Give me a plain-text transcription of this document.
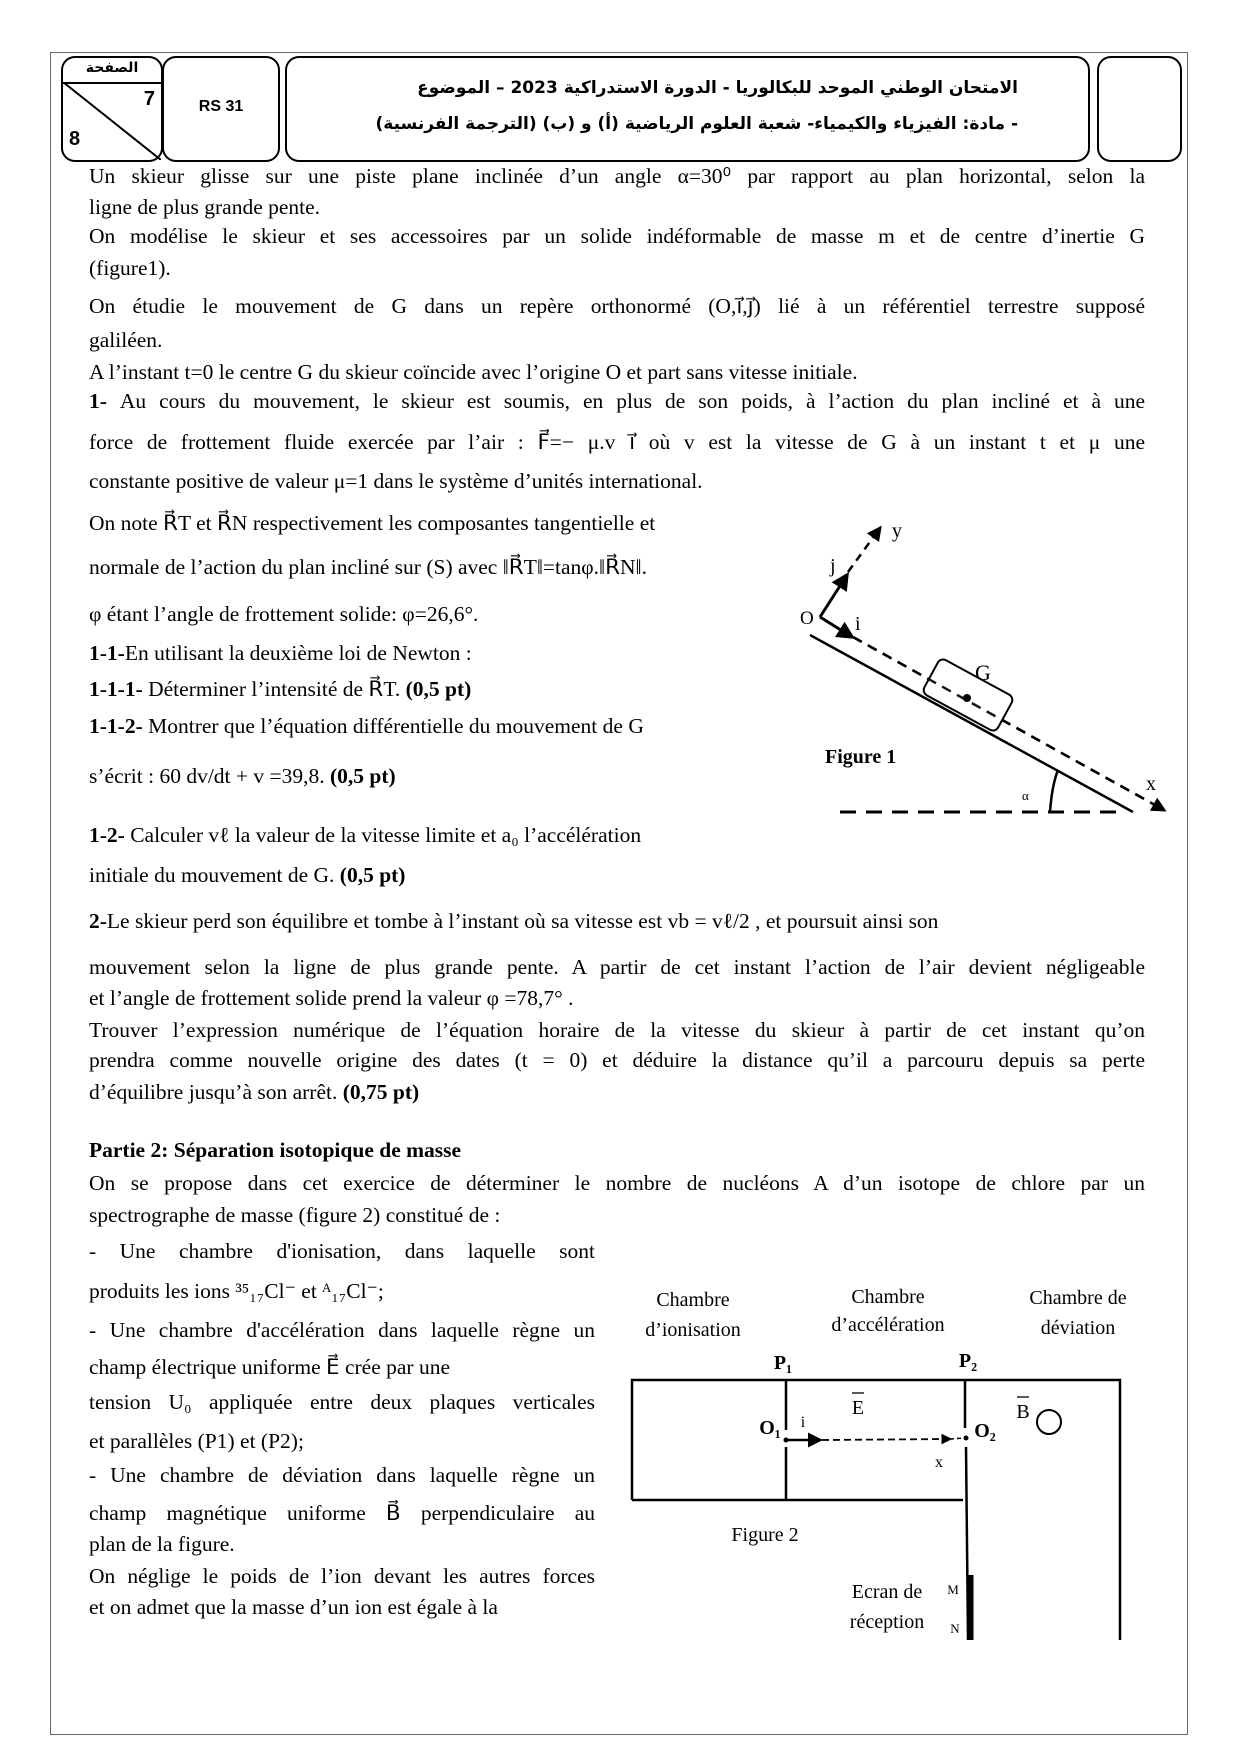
الصفحة
7
8
RS 31
الامتحان الوطني الموحد للبكالوريا - الدورة الاستدراكية 2023 – الموضوع
- مادة: الفيزياء والكيمياء- شعبة العلوم الرياضية (أ) و (ب) (الترجمة الفرنسية)
Un skieur glisse sur une piste plane inclinée d’un angle α=30⁰ par rapport au plan horizontal, selon la
ligne de plus grande pente.
On modélise le skieur et ses accessoires par un solide indéformable de masse m et de centre d’inertie G
(figure1).
On étudie le mouvement de G dans un repère orthonormé (O,i⃗,j⃗) lié à un référentiel terrestre supposé
galiléen.
A l’instant t=0 le centre G du skieur coïncide avec l’origine O et part sans vitesse initiale.
1- Au cours du mouvement, le skieur est soumis, en plus de son poids, à l’action du plan incliné et à une
force de frottement fluide exercée par l’air : F⃗=− μ.v i⃗ où v est la vitesse de G à un instant t et μ une
constante positive de valeur μ=1 dans le système d’unités international.
On note R⃗T et R⃗N respectivement les composantes tangentielle et
normale de l’action du plan incliné sur (S) avec ‖R⃗T‖=tanφ.‖R⃗N‖.
φ étant l’angle de frottement solide: φ=26,6°.
1-1-En utilisant la deuxième loi de Newton :
1-1-1- Déterminer l’intensité de R⃗T. (0,5 pt)
1-1-2- Montrer que l’équation différentielle du mouvement de G
s’écrit : 60 dv/dt + v =39,8. (0,5 pt)
1-2- Calculer vℓ la valeur de la vitesse limite et a₀ l’accélération
initiale du mouvement de G. (0,5 pt)
2-Le skieur perd son équilibre et tombe à l’instant où sa vitesse est vb = vℓ/2 , et poursuit ainsi son
mouvement selon la ligne de plus grande pente. A partir de cet instant l’action de l’air devient négligeable
et l’angle de frottement solide prend la valeur φ =78,7° .
Trouver l’expression numérique de l’équation horaire de la vitesse du skieur à partir de cet instant qu’on
prendra comme nouvelle origine des dates (t = 0) et déduire la distance qu’il a parcouru depuis sa perte
d’équilibre jusqu’à son arrêt. (0,75 pt)
Partie 2: Séparation isotopique de masse
On se propose dans cet exercice de déterminer le nombre de nucléons A d’un isotope de chlore par un
spectrographe de masse (figure 2) constitué de :
- Une chambre d'ionisation, dans laquelle sont
produits les ions ³⁵₁₇Cl⁻ et ᴬ₁₇Cl⁻;
- Une chambre d'accélération dans laquelle règne un
champ électrique uniforme E⃗ crée par une
tension U₀ appliquée entre deux plaques verticales
et parallèles (P1) et (P2);
- Une chambre de déviation dans laquelle règne un
champ magnétique uniforme B⃗ perpendiculaire au
plan de la figure.
On néglige le poids de l’ion devant les autres forces
et on admet que la masse d’un ion est égale à la
O i
j
y
x
G
α
Figure 1
Chambre
d’ionisation
Chambre
d’accélération
Chambre de
déviation
P₁	P₂
O₁	O₂
E
i	B
x
Figure 2
Ecran de
réception
M
N
